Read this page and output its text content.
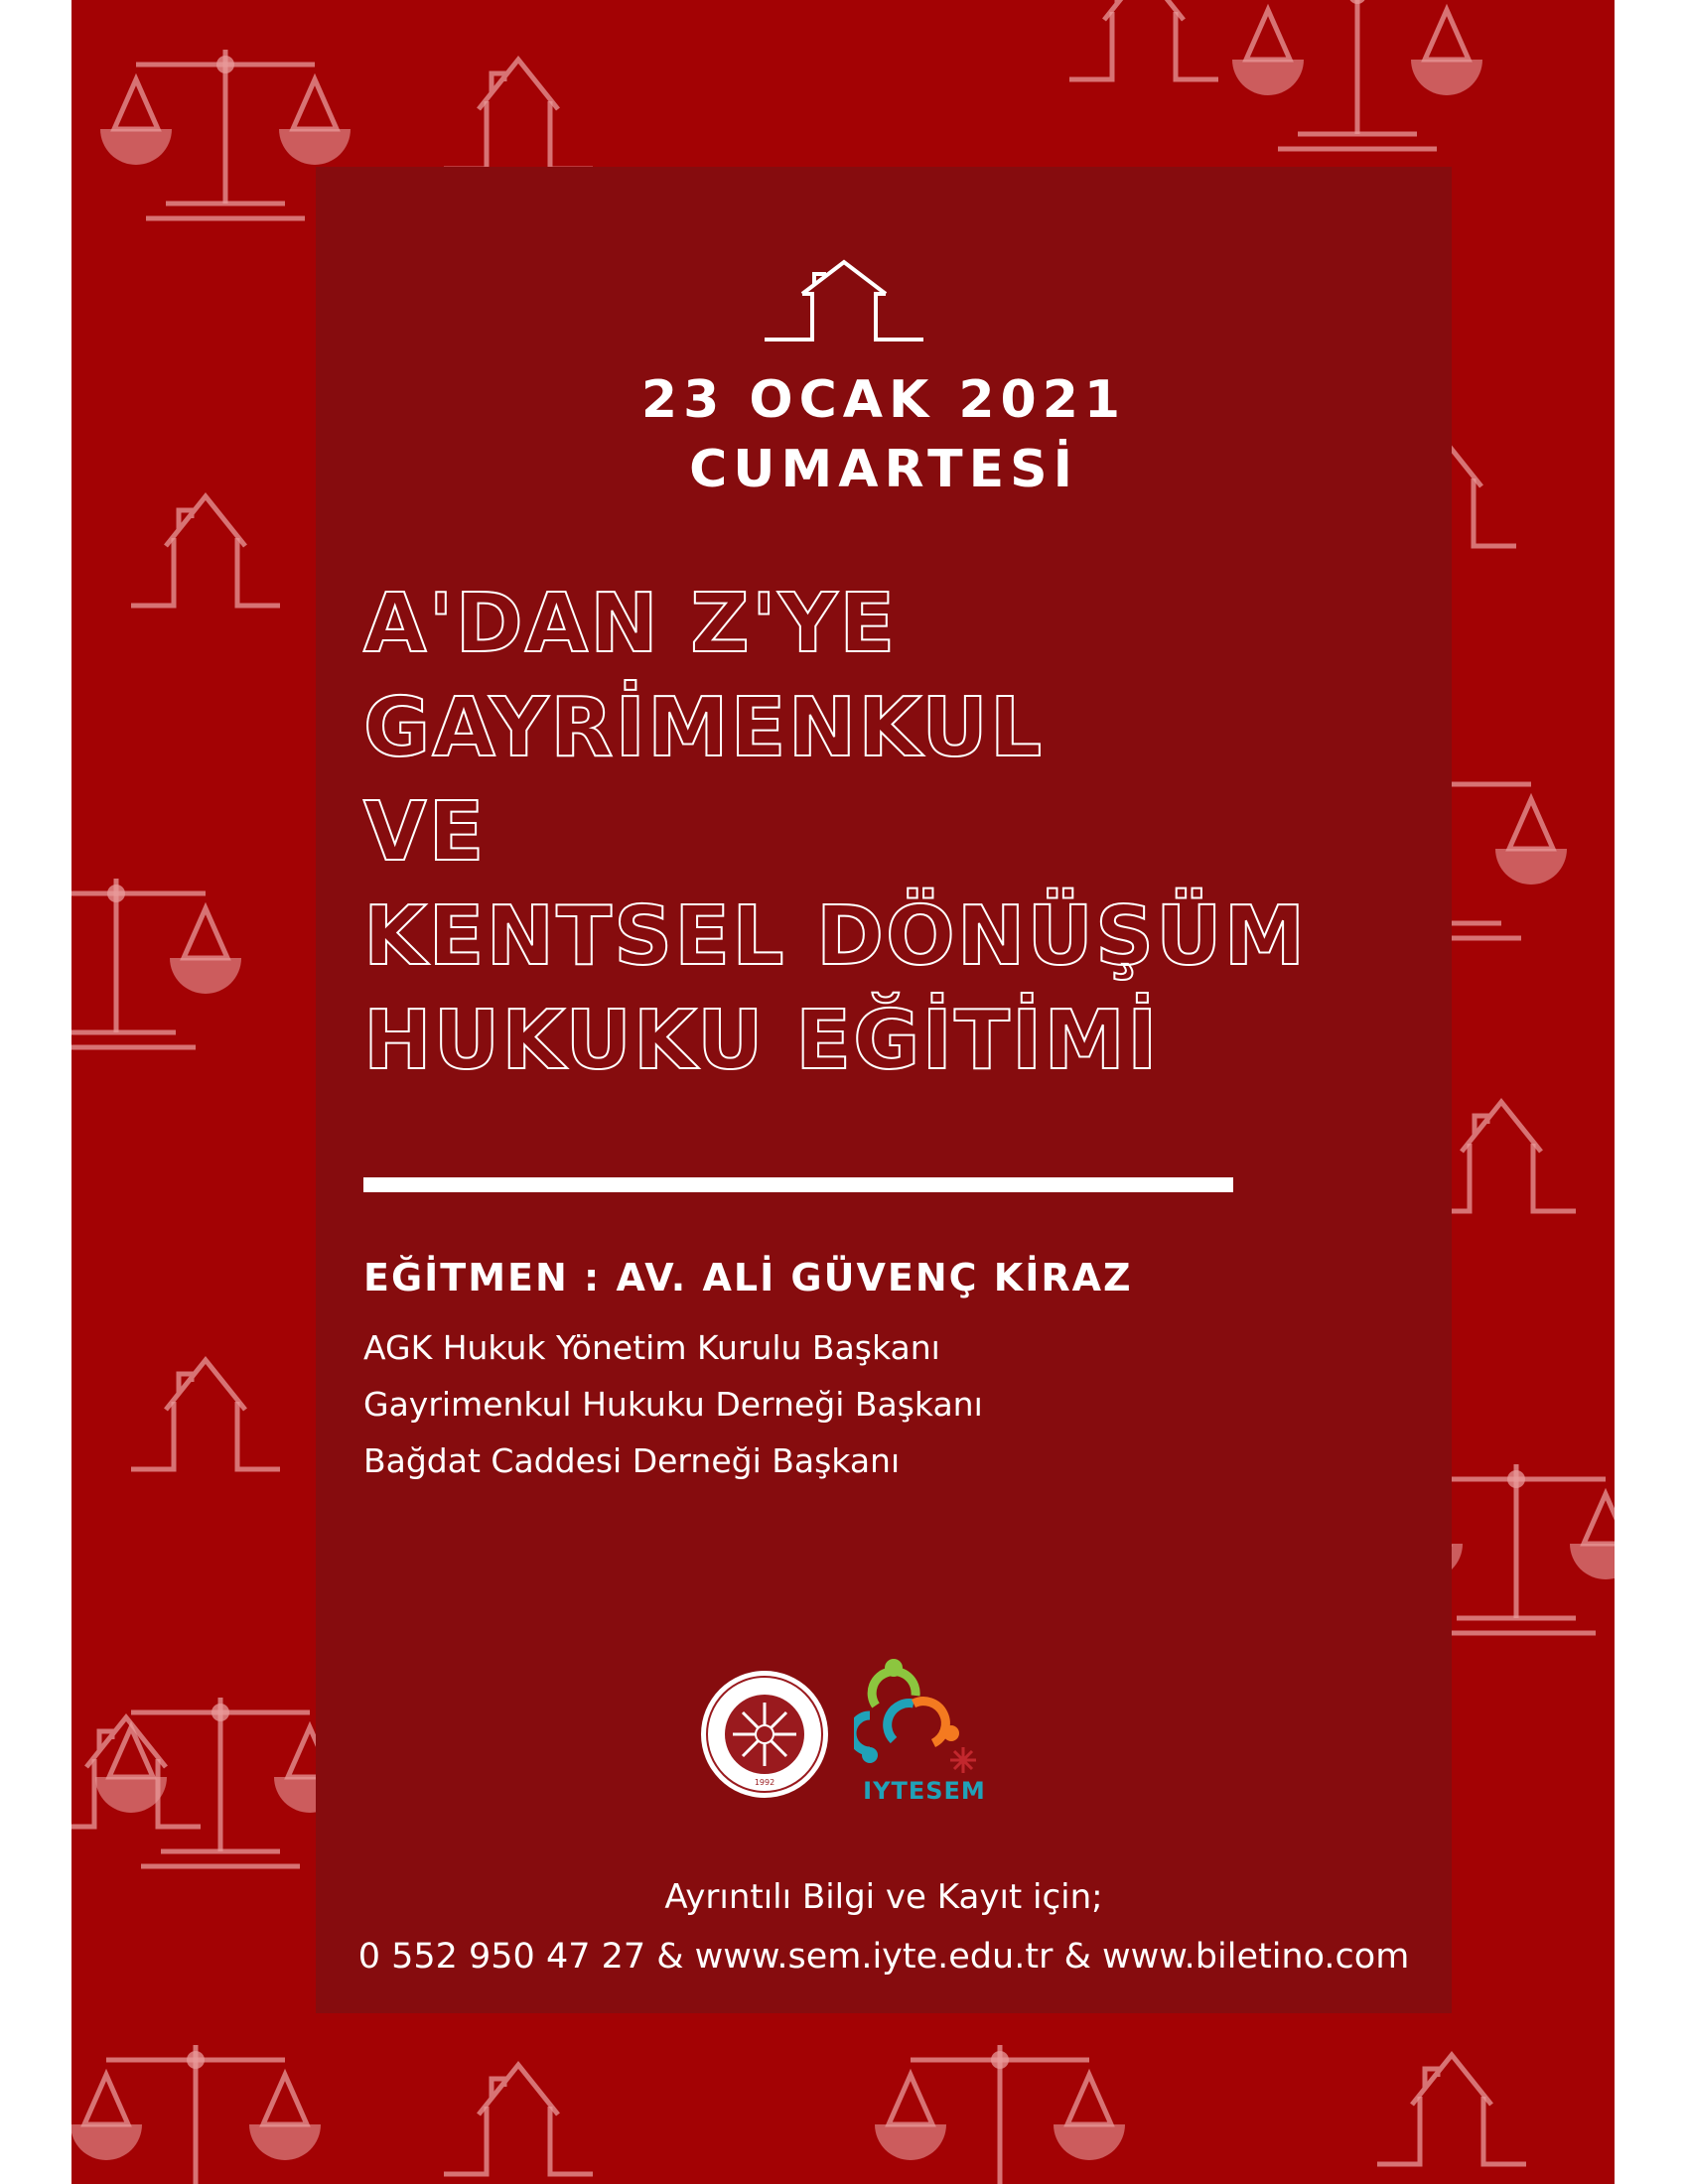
23 OCAK 2021
CUMARTESİ
A'DAN Z'YE
GAYRİMENKUL
VE
KENTSEL DÖNÜŞÜM
HUKUKU EĞİTİMİ
EĞİTMEN : AV. ALİ GÜVENÇ KİRAZ
AGK Hukuk Yönetim Kurulu Başkanı
Gayrimenkul Hukuku Derneği Başkanı
Bağdat Caddesi Derneği Başkanı
1992	IYTESEM
Ayrıntılı Bilgi ve Kayıt için;
0 552 950 47 27 & www.sem.iyte.edu.tr & www.biletino.com
